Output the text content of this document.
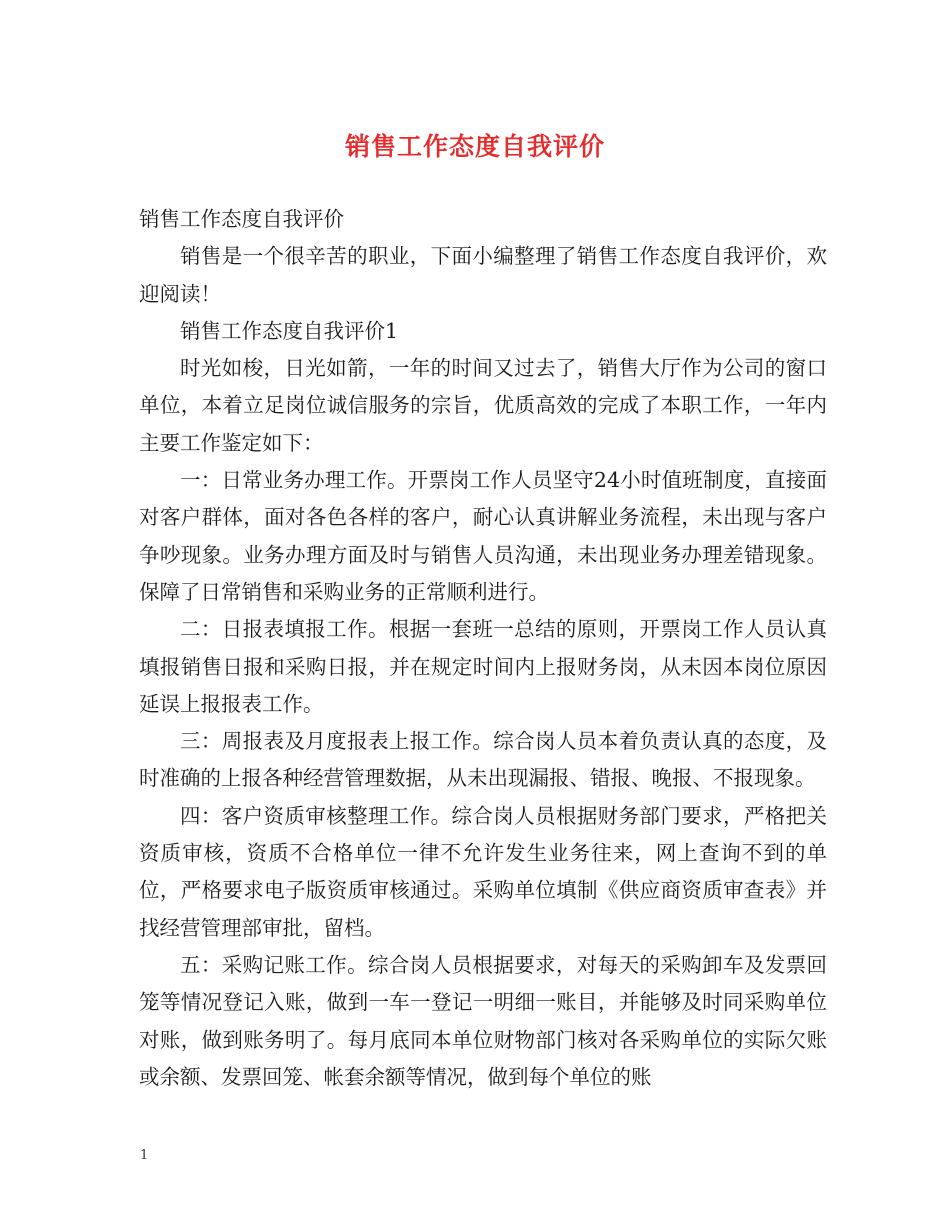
销售工作态度自我评价

销售工作态度自我评价

销售是一个很辛苦的职业，下面小编整理了销售工作态度自我评价，欢迎阅读！

销售工作态度自我评价1

时光如梭，日光如箭，一年的时间又过去了，销售大厅作为公司的窗口单位，本着立足岗位诚信服务的宗旨，优质高效的完成了本职工作，一年内主要工作鉴定如下：

一：日常业务办理工作。开票岗工作人员坚守24小时值班制度，直接面对客户群体，面对各色各样的客户，耐心认真讲解业务流程，未出现与客户争吵现象。业务办理方面及时与销售人员沟通，未出现业务办理差错现象。保障了日常销售和采购业务的正常顺利进行。

二：日报表填报工作。根据一套班一总结的原则，开票岗工作人员认真填报销售日报和采购日报，并在规定时间内上报财务岗，从未因本岗位原因延误上报报表工作。

三：周报表及月度报表上报工作。综合岗人员本着负责认真的态度，及时准确的上报各种经营管理数据，从未出现漏报、错报、晚报、不报现象。

四：客户资质审核整理工作。综合岗人员根据财务部门要求，严格把关资质审核，资质不合格单位一律不允许发生业务往来，网上查询不到的单位，严格要求电子版资质审核通过。采购单位填制《供应商资质审查表》并找经营管理部审批，留档。

五：采购记账工作。综合岗人员根据要求，对每天的采购卸车及发票回笼等情况登记入账，做到一车一登记一明细一账目，并能够及时同采购单位对账，做到账务明了。每月底同本单位财物部门核对各采购单位的实际欠账或余额、发票回笼、帐套余额等情况，做到每个单位的账

1
